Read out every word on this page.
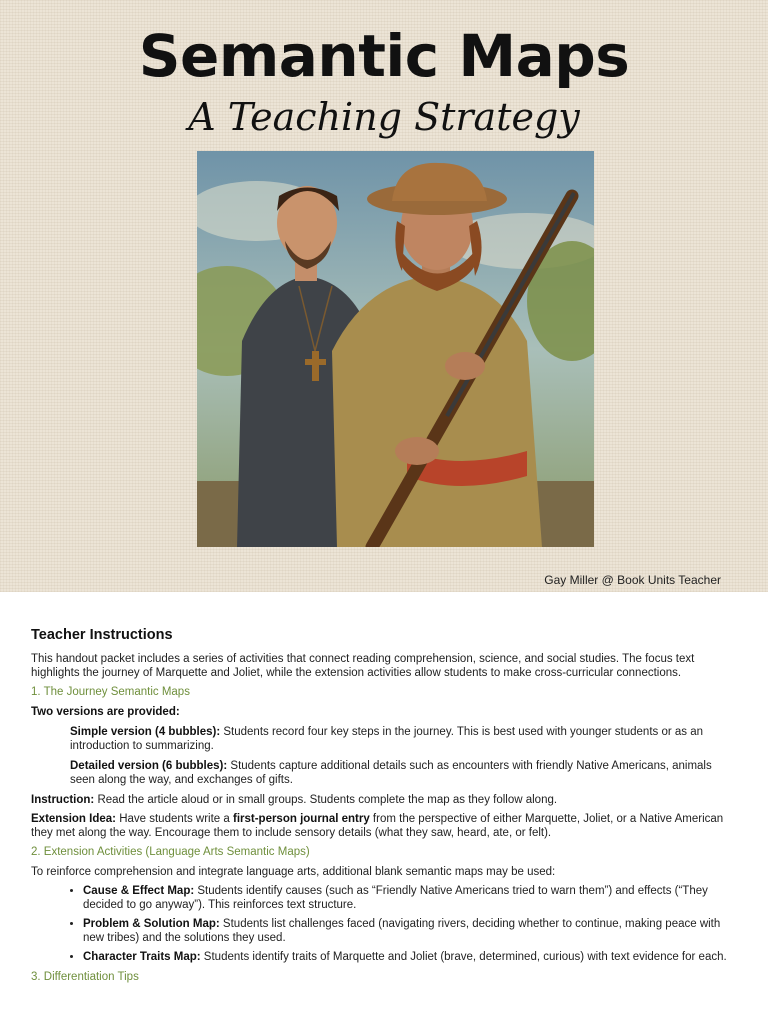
Semantic Maps
A Teaching Strategy
Gay Miller @ Book Units Teacher
Teacher Instructions

This handout packet includes a series of activities that connect reading comprehension, science, and social studies. The focus text highlights the journey of Marquette and Joliet, while the extension activities allow students to make cross-curricular connections.

1. The Journey Semantic Maps

Two versions are provided:

Simple version (4 bubbles): Students record four key steps in the journey. This is best used with younger students or as an introduction to summarizing.

Detailed version (6 bubbles): Students capture additional details such as encounters with friendly Native Americans, animals seen along the way, and exchanges of gifts.

Instruction: Read the article aloud or in small groups. Students complete the map as they follow along.

Extension Idea: Have students write a first-person journal entry from the perspective of either Marquette, Joliet, or a Native American they met along the way. Encourage them to include sensory details (what they saw, heard, ate, or felt).

2. Extension Activities (Language Arts Semantic Maps)

To reinforce comprehension and integrate language arts, additional blank semantic maps may be used:

• Cause & Effect Map: Students identify causes (such as “Friendly Native Americans tried to warn them”) and effects (“They decided to go anyway”). This reinforces text structure.
• Problem & Solution Map: Students list challenges faced (navigating rivers, deciding whether to continue, making peace with new tribes) and the solutions they used.
• Character Traits Map: Students identify traits of Marquette and Joliet (brave, determined, curious) with text evidence for each.

3. Differentiation Tips
